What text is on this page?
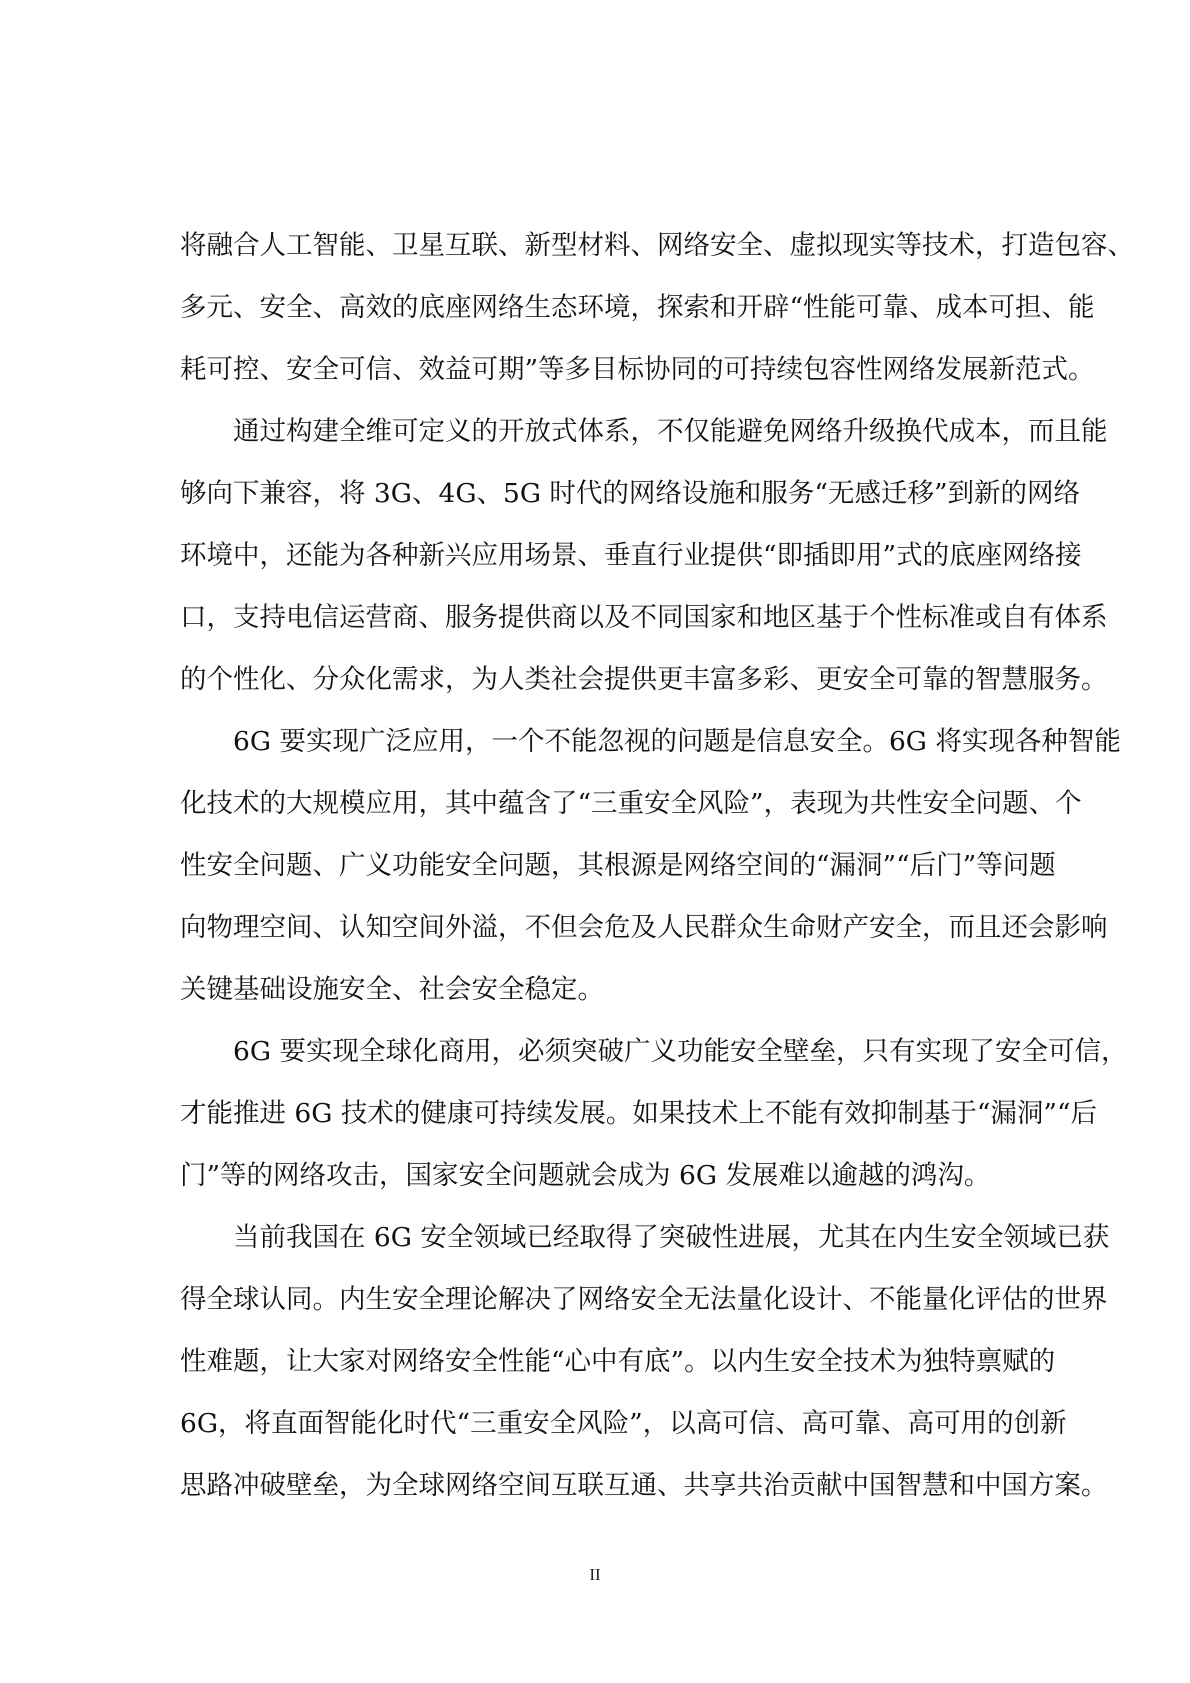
将融合人工智能、卫星互联、新型材料、网络安全、虚拟现实等技术，打造包容、
多元、安全、高效的底座网络生态环境，探索和开辟“性能可靠、成本可担、能
耗可控、安全可信、效益可期”等多目标协同的可持续包容性网络发展新范式。
　　通过构建全维可定义的开放式体系，不仅能避免网络升级换代成本，而且能
够向下兼容，将 3G、4G、5G 时代的网络设施和服务“无感迁移”到新的网络
环境中，还能为各种新兴应用场景、垂直行业提供“即插即用”式的底座网络接
口，支持电信运营商、服务提供商以及不同国家和地区基于个性标准或自有体系
的个性化、分众化需求，为人类社会提供更丰富多彩、更安全可靠的智慧服务。
　　6G 要实现广泛应用，一个不能忽视的问题是信息安全。6G 将实现各种智能
化技术的大规模应用，其中蕴含了“三重安全风险”，表现为共性安全问题、个
性安全问题、广义功能安全问题，其根源是网络空间的“漏洞”“后门”等问题
向物理空间、认知空间外溢，不但会危及人民群众生命财产安全，而且还会影响
关键基础设施安全、社会安全稳定。
　　6G 要实现全球化商用，必须突破广义功能安全壁垒，只有实现了安全可信，
才能推进 6G 技术的健康可持续发展。如果技术上不能有效抑制基于“漏洞”“后
门”等的网络攻击，国家安全问题就会成为 6G 发展难以逾越的鸿沟。
　　当前我国在 6G 安全领域已经取得了突破性进展，尤其在内生安全领域已获
得全球认同。内生安全理论解决了网络安全无法量化设计、不能量化评估的世界
性难题，让大家对网络安全性能“心中有底”。以内生安全技术为独特禀赋的
6G，将直面智能化时代“三重安全风险”，以高可信、高可靠、高可用的创新
思路冲破壁垒，为全球网络空间互联互通、共享共治贡献中国智慧和中国方案。
II
